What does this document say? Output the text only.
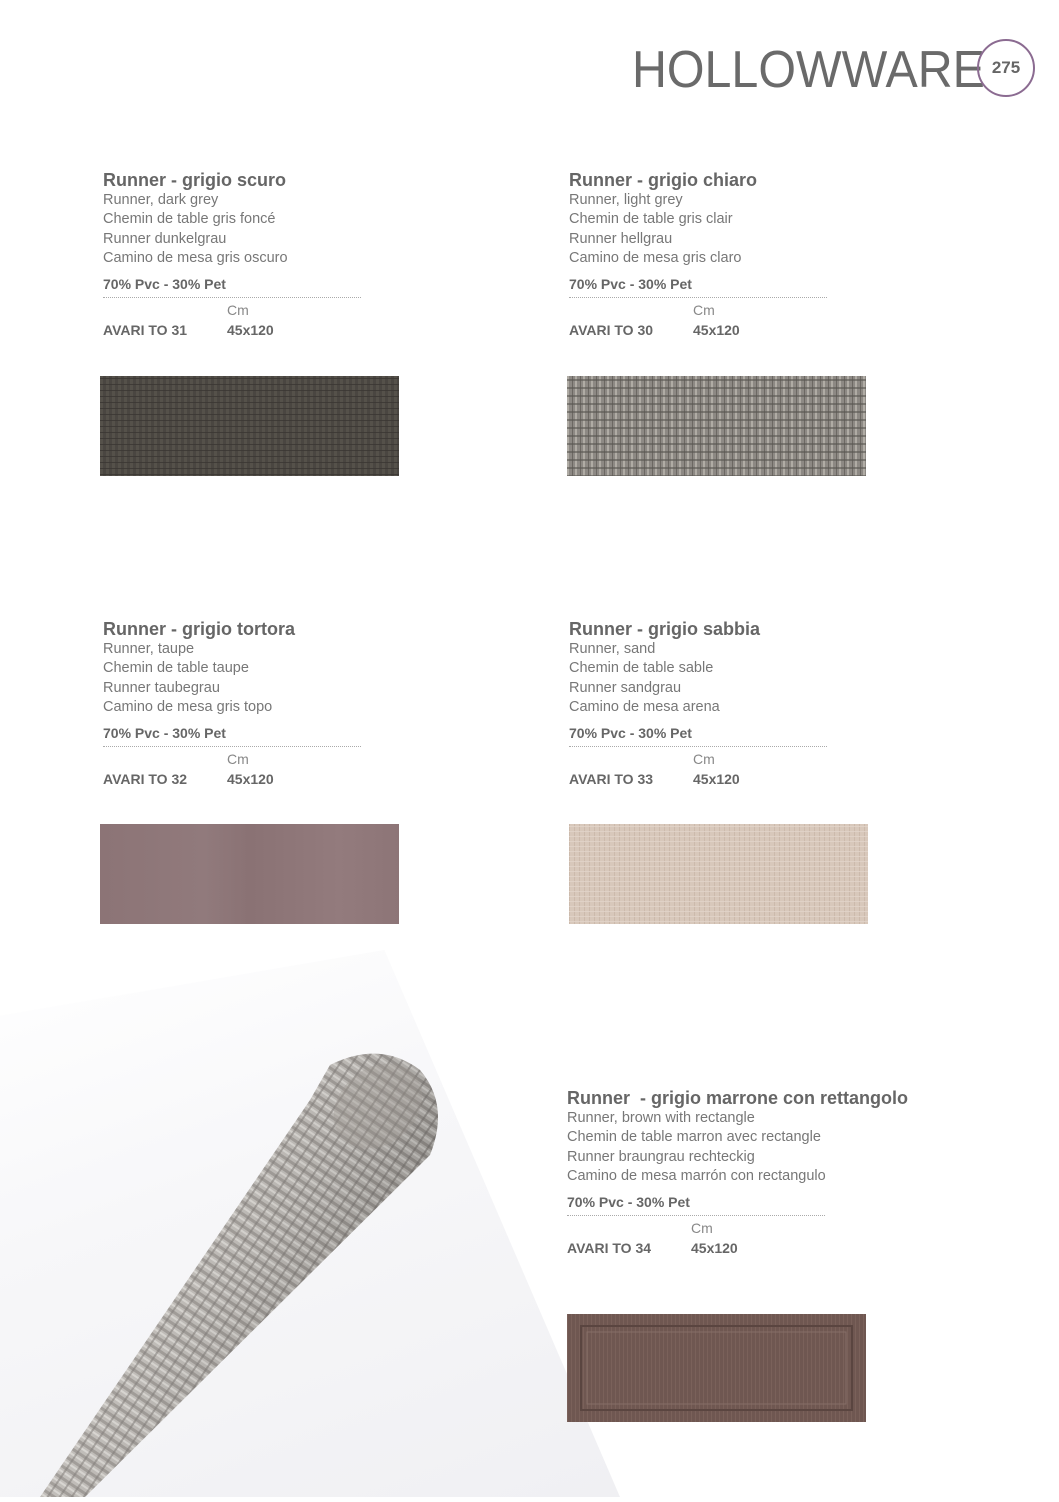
HOLLOWWARE 275
Runner - grigio scuro
Runner, dark grey
Chemin de table gris foncé
Runner dunkelgrau
Camino de mesa gris oscuro
70% Pvc - 30% Pet
Cm
AVARI TO 31	45x120
Runner - grigio chiaro
Runner, light grey
Chemin de table gris clair
Runner hellgrau
Camino de mesa gris claro
70% Pvc - 30% Pet
Cm
AVARI TO 30	45x120
Runner - grigio tortora
Runner, taupe
Chemin de table taupe
Runner taubegrau
Camino de mesa gris topo
70% Pvc - 30% Pet
Cm
AVARI TO 32	45x120
Runner - grigio sabbia
Runner, sand
Chemin de table sable
Runner sandgrau
Camino de mesa arena
70% Pvc - 30% Pet
Cm
AVARI TO 33	45x120
Runner  - grigio marrone con rettangolo
Runner, brown with rectangle
Chemin de table marron avec rectangle
Runner braungrau rechteckig
Camino de mesa marrón con rectangulo
70% Pvc - 30% Pet
Cm
AVARI TO 34	45x120
